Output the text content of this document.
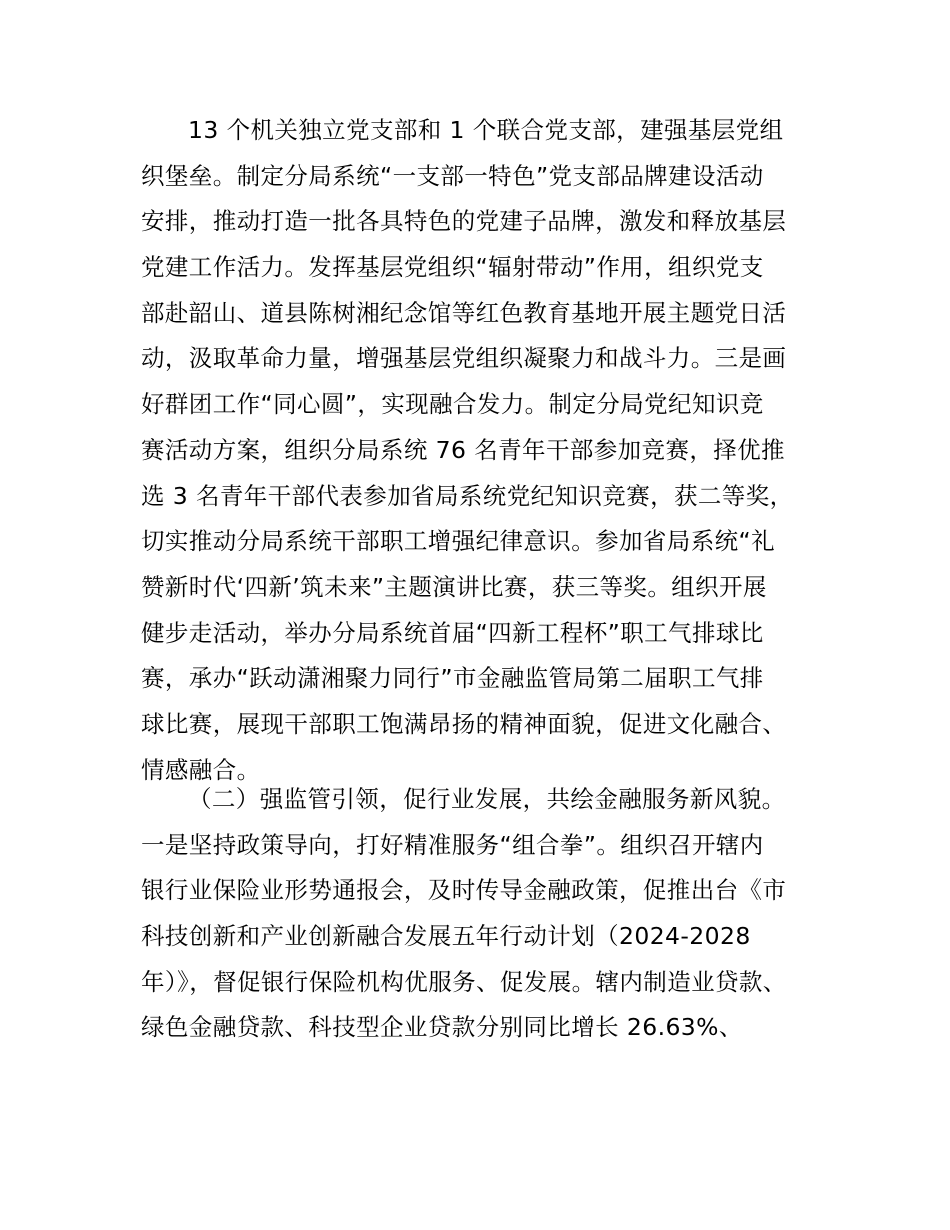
13 个机关独立党支部和 1 个联合党支部，建强基层党组
织堡垒。制定分局系统“一支部一特色”党支部品牌建设活动
安排，推动打造一批各具特色的党建子品牌，激发和释放基层
党建工作活力。发挥基层党组织“辐射带动”作用，组织党支
部赴韶山、道县陈树湘纪念馆等红色教育基地开展主题党日活
动，汲取革命力量，增强基层党组织凝聚力和战斗力。三是画
好群团工作“同心圆”，实现融合发力。制定分局党纪知识竞
赛活动方案，组织分局系统 76 名青年干部参加竞赛，择优推
选 3 名青年干部代表参加省局系统党纪知识竞赛，获二等奖，
切实推动分局系统干部职工增强纪律意识。参加省局系统“礼
赞新时代‘四新’筑未来”主题演讲比赛，获三等奖。组织开展
健步走活动，举办分局系统首届“四新工程杯”职工气排球比
赛，承办“跃动潇湘聚力同行”市金融监管局第二届职工气排
球比赛，展现干部职工饱满昂扬的精神面貌，促进文化融合、
情感融合。
（二）强监管引领，促行业发展，共绘金融服务新风貌。
一是坚持政策导向，打好精准服务“组合拳”。组织召开辖内
银行业保险业形势通报会，及时传导金融政策，促推出台《市
科技创新和产业创新融合发展五年行动计划（2024-2028
年）》，督促银行保险机构优服务、促发展。辖内制造业贷款、
绿色金融贷款、科技型企业贷款分别同比增长 26.63%、
